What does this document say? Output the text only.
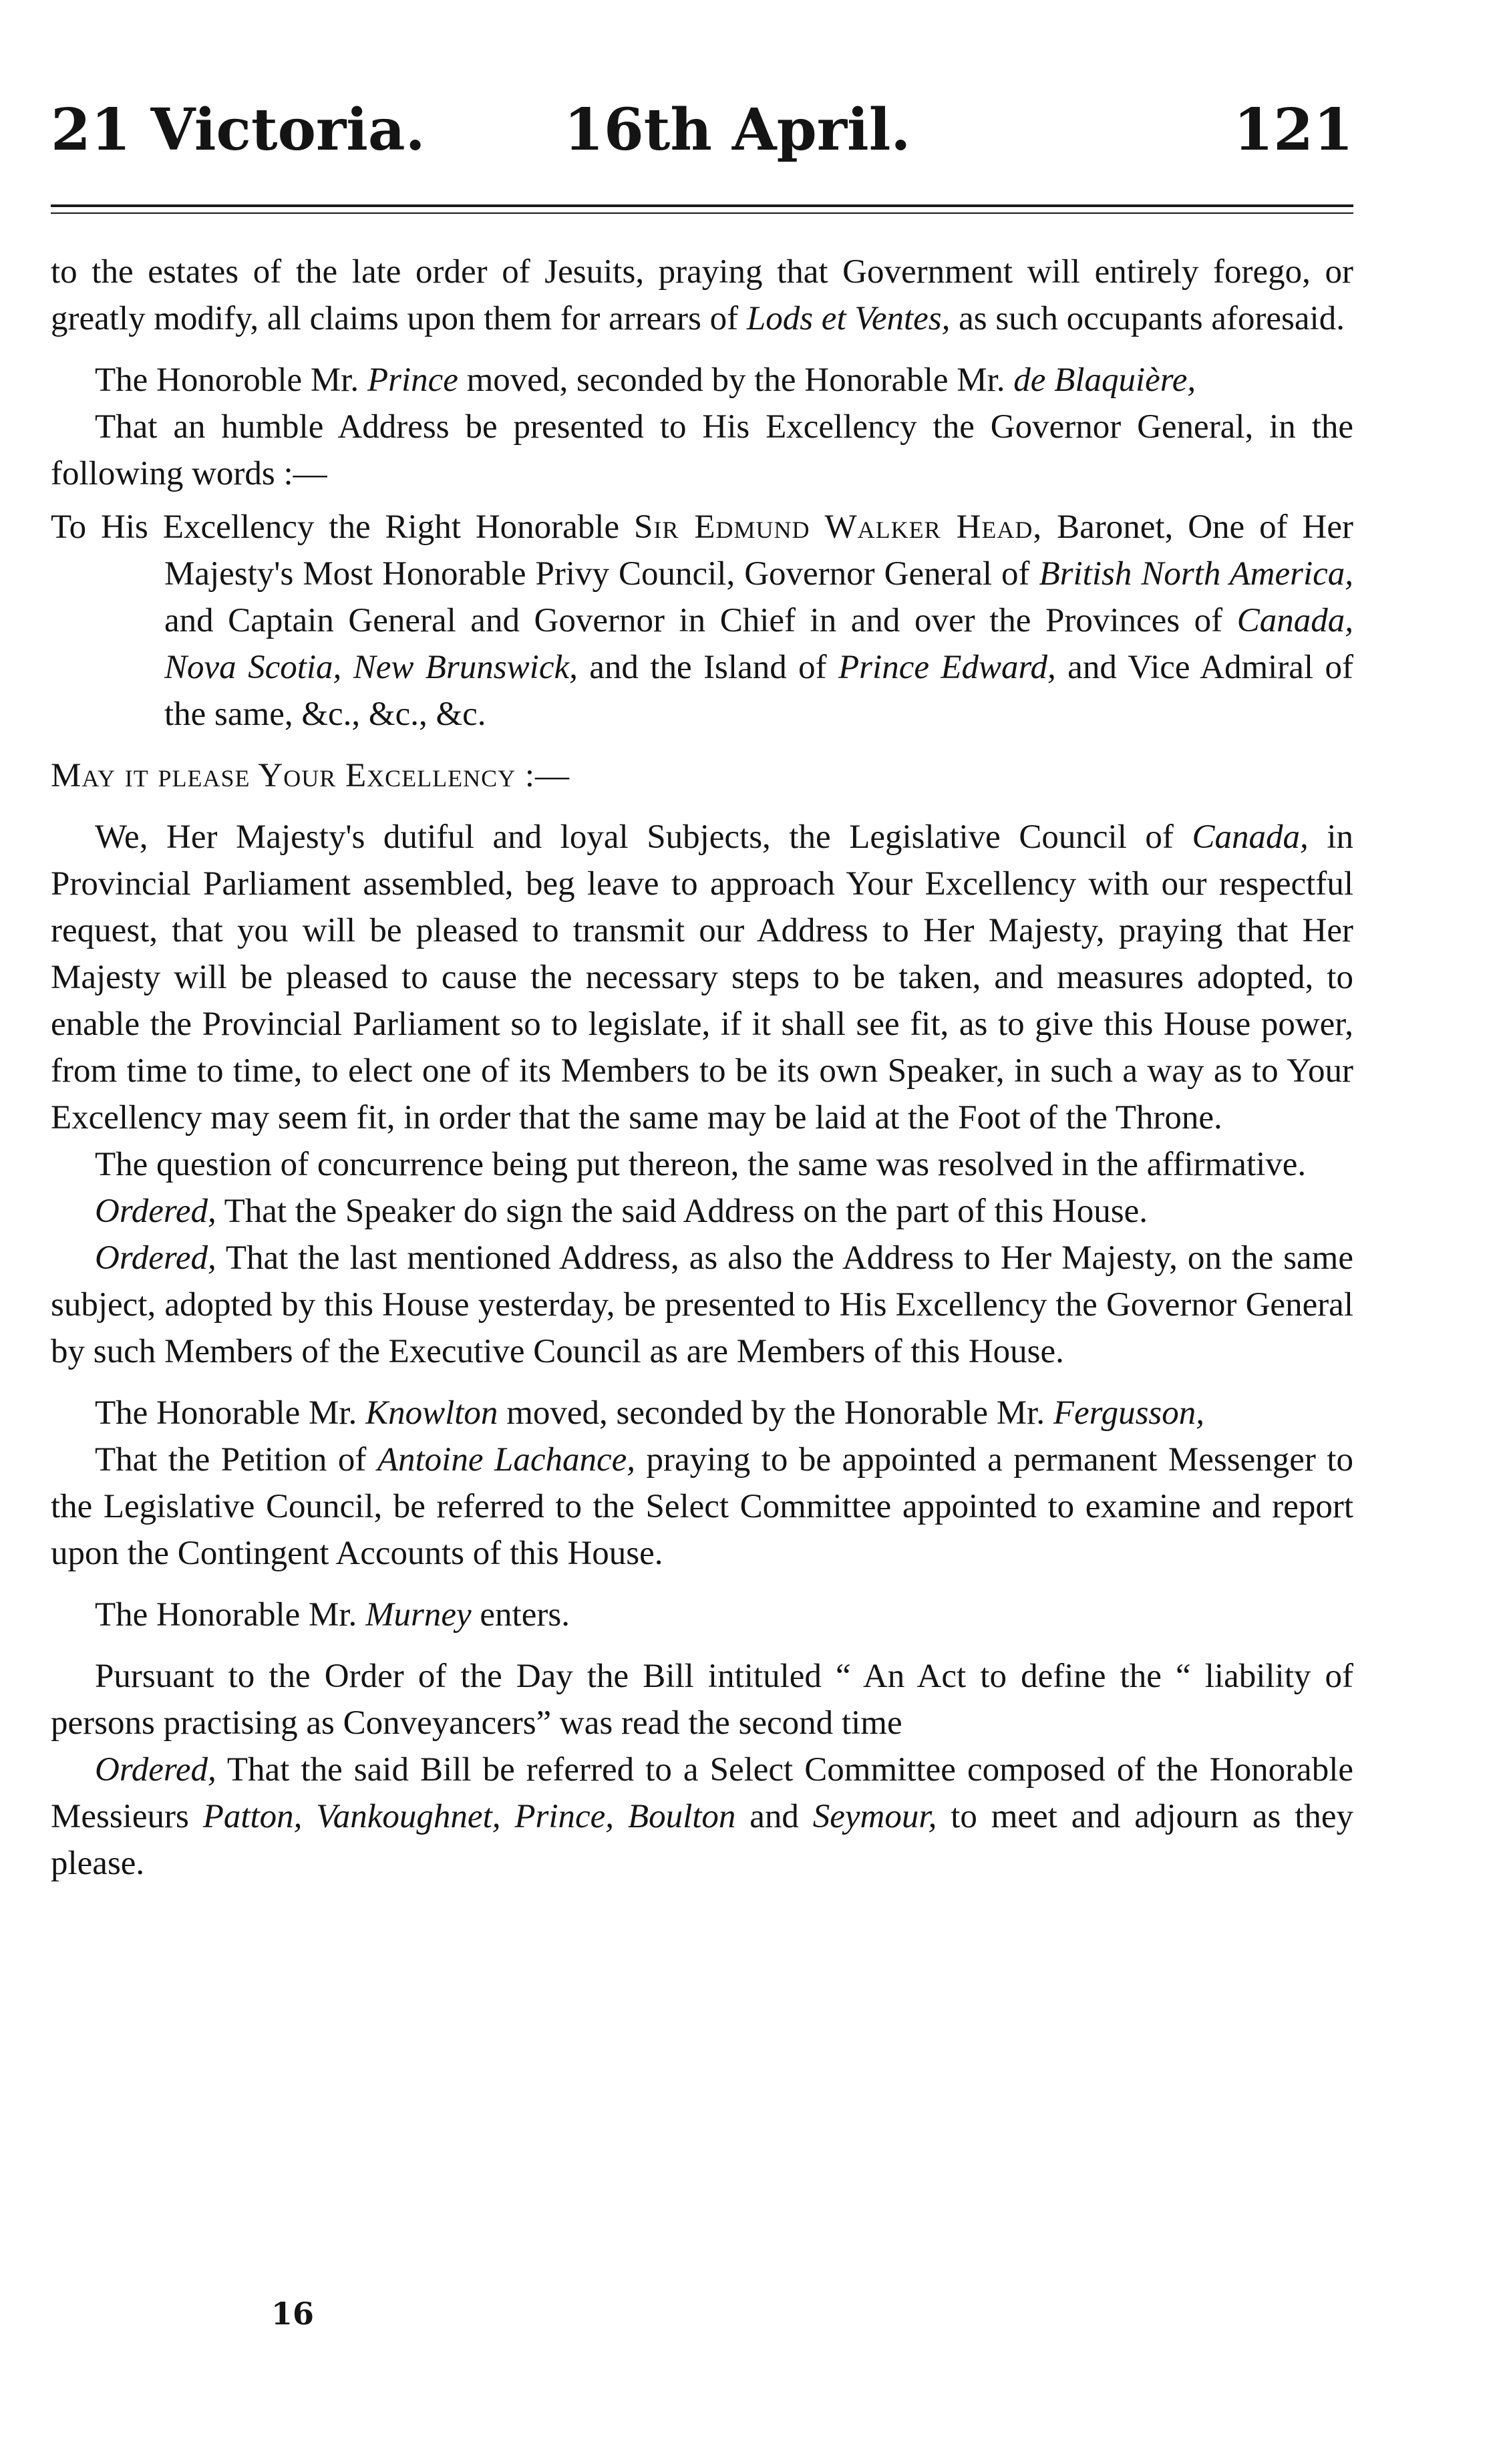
21 Victoria. 16th April.	121

to the estates of the late order of Jesuits, praying that Government will entirely forego, or greatly modify, all claims upon them for arrears of Lods et Ventes, as such occupants aforesaid.

The Honoroble Mr. Prince moved, seconded by the Honorable Mr. de Blaquière,

That an humble Address be presented to His Excellency the Governor General, in the following words :—

To His Excellency the Right Honorable Sir Edmund Walker Head, Baronet, One of Her Majesty's Most Honorable Privy Council, Governor General of British North America, and Captain General and Governor in Chief in and over the Provinces of Canada, Nova Scotia, New Brunswick, and the Island of Prince Edward, and Vice Admiral of the same, &c., &c., &c.

May it please Your Excellency :—

We, Her Majesty's dutiful and loyal Subjects, the Legislative Council of Canada, in Provincial Parliament assembled, beg leave to approach Your Excellency with our respectful request, that you will be pleased to transmit our Address to Her Majesty, praying that Her Majesty will be pleased to cause the necessary steps to be taken, and measures adopted, to enable the Provincial Parliament so to legislate, if it shall see fit, as to give this House power, from time to time, to elect one of its Members to be its own Speaker, in such a way as to Your Excellency may seem fit, in order that the same may be laid at the Foot of the Throne.

The question of concurrence being put thereon, the same was resolved in the affirmative.

Ordered, That the Speaker do sign the said Address on the part of this House.

Ordered, That the last mentioned Address, as also the Address to Her Majesty, on the same subject, adopted by this House yesterday, be presented to His Excellency the Governor General by such Members of the Executive Council as are Members of this House.

The Honorable Mr. Knowlton moved, seconded by the Honorable Mr. Fergusson,

That the Petition of Antoine Lachance, praying to be appointed a permanent Messenger to the Legislative Council, be referred to the Select Committee appointed to examine and report upon the Contingent Accounts of this House.

The Honorable Mr. Murney enters.

Pursuant to the Order of the Day the Bill intituled “ An Act to define the “ liability of persons practising as Conveyancers” was read the second time

Ordered, That the said Bill be referred to a Select Committee composed of the Honorable Messieurs Patton, Vankoughnet, Prince, Boulton and Seymour, to meet and adjourn as they please.

16
